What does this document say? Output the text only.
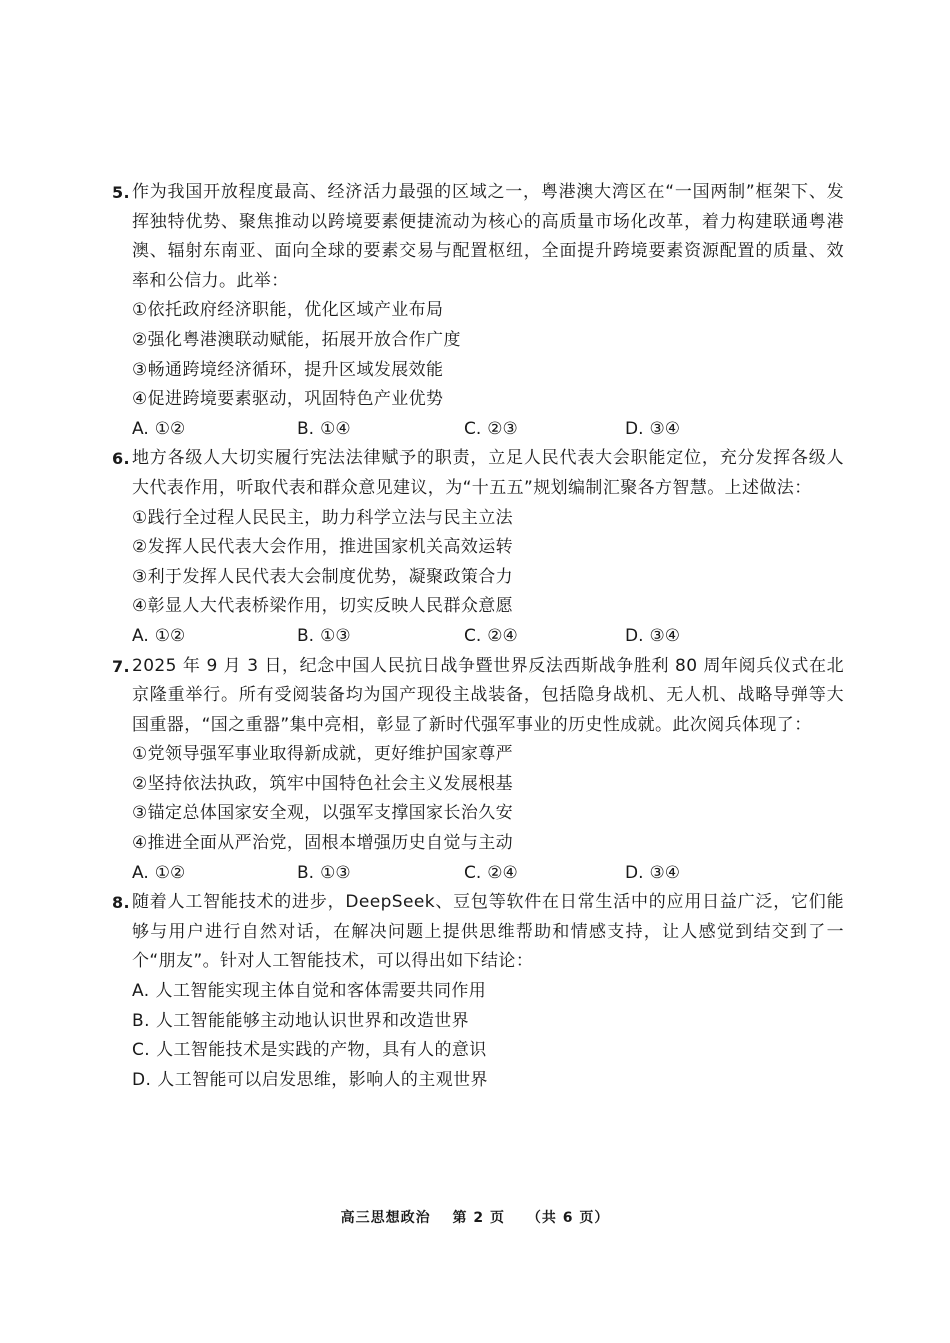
5. 作为我国开放程度最高、经济活力最强的区域之一，粤港澳大湾区在“一国两制”框架下、发挥独特优势、聚焦推动以跨境要素便捷流动为核心的高质量市场化改革，着力构建联通粤港澳、辐射东南亚、面向全球的要素交易与配置枢纽，全面提升跨境要素资源配置的质量、效率和公信力。此举：

①依托政府经济职能，优化区域产业布局

②强化粤港澳联动赋能，拓展开放合作广度

③畅通跨境经济循环，提升区域发展效能

④促进跨境要素驱动，巩固特色产业优势

A. ①②	B. ①④	C. ②③	D. ③④

6. 地方各级人大切实履行宪法法律赋予的职责，立足人民代表大会职能定位，充分发挥各级人大代表作用，听取代表和群众意见建议，为“十五五”规划编制汇聚各方智慧。上述做法：

①践行全过程人民民主，助力科学立法与民主立法

②发挥人民代表大会作用，推进国家机关高效运转

③利于发挥人民代表大会制度优势，凝聚政策合力

④彰显人大代表桥梁作用，切实反映人民群众意愿

A. ①②	B. ①③	C. ②④	D. ③④

7. 2025 年 9 月 3 日，纪念中国人民抗日战争暨世界反法西斯战争胜利 80 周年阅兵仪式在北京隆重举行。所有受阅装备均为国产现役主战装备，包括隐身战机、无人机、战略导弹等大国重器，“国之重器”集中亮相，彰显了新时代强军事业的历史性成就。此次阅兵体现了：

①党领导强军事业取得新成就，更好维护国家尊严

②坚持依法执政，筑牢中国特色社会主义发展根基

③锚定总体国家安全观，以强军支撑国家长治久安

④推进全面从严治党，固根本增强历史自觉与主动

A. ①②	B. ①③	C. ②④	D. ③④

8. 随着人工智能技术的进步，DeepSeek、豆包等软件在日常生活中的应用日益广泛，它们能够与用户进行自然对话，在解决问题上提供思维帮助和情感支持，让人感觉到结交到了一个“朋友”。针对人工智能技术，可以得出如下结论：

A. 人工智能实现主体自觉和客体需要共同作用

B. 人工智能能够主动地认识世界和改造世界

C. 人工智能技术是实践的产物，具有人的意识

D. 人工智能可以启发思维，影响人的主观世界

高三思想政治 第 2 页 （共 6 页）
